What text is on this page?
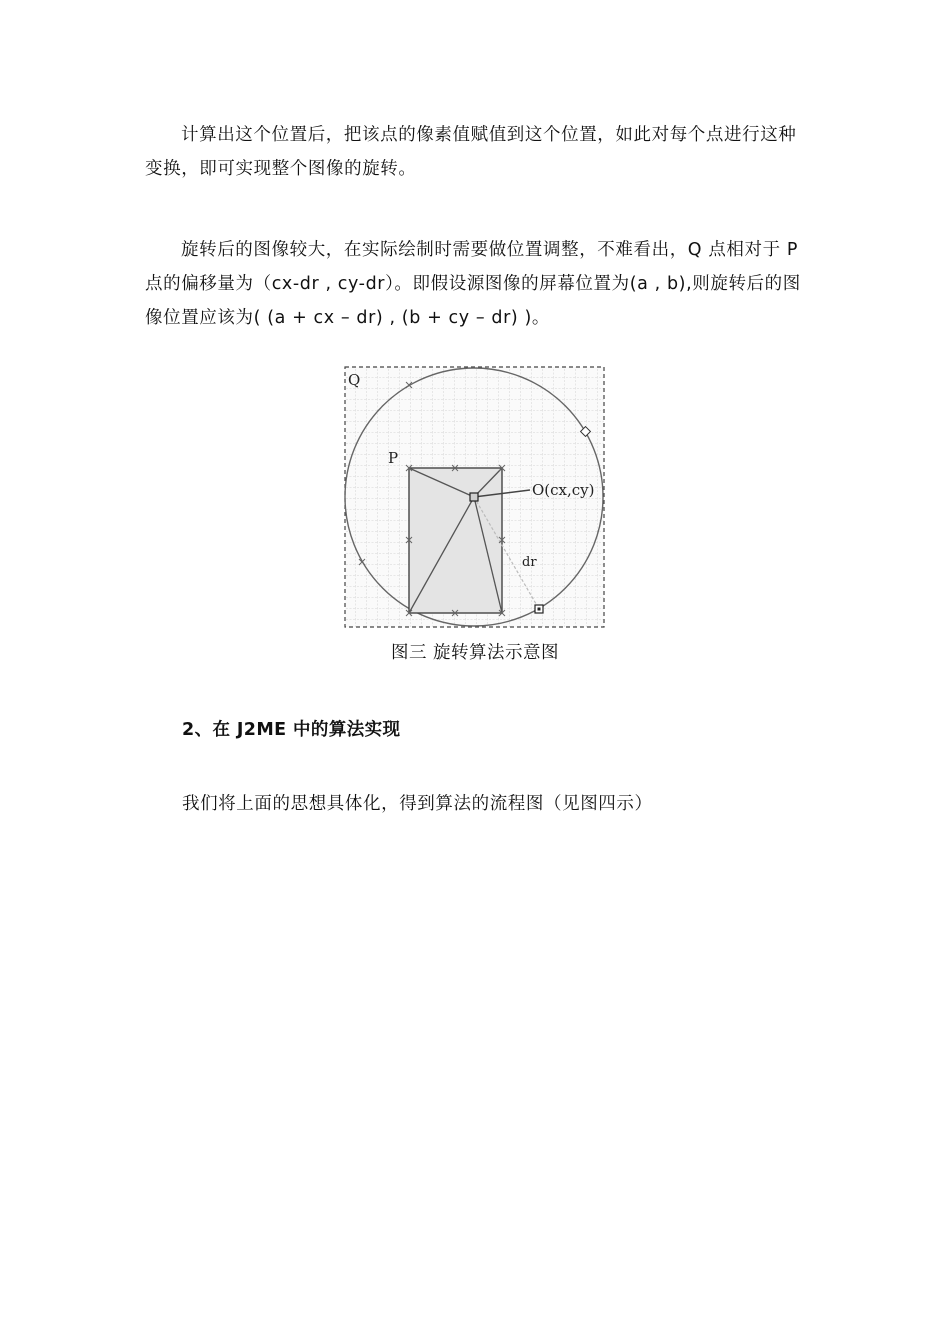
计算出这个位置后，把该点的像素值赋值到这个位置，如此对每个点进行这种变换，即可实现整个图像的旋转。

旋转后的图像较大，在实际绘制时需要做位置调整，不难看出，Q 点相对于 P 点的偏移量为（cx-dr , cy-dr）。即假设源图像的屏幕位置为(a , b),则旋转后的图像位置应该为( (a + cx – dr) , (b + cy – dr) )。

Q
P
O(cx,cy)
dr
图三 旋转算法示意图
2、在 J2ME 中的算法实现
我们将上面的思想具体化，得到算法的流程图（见图四示）
